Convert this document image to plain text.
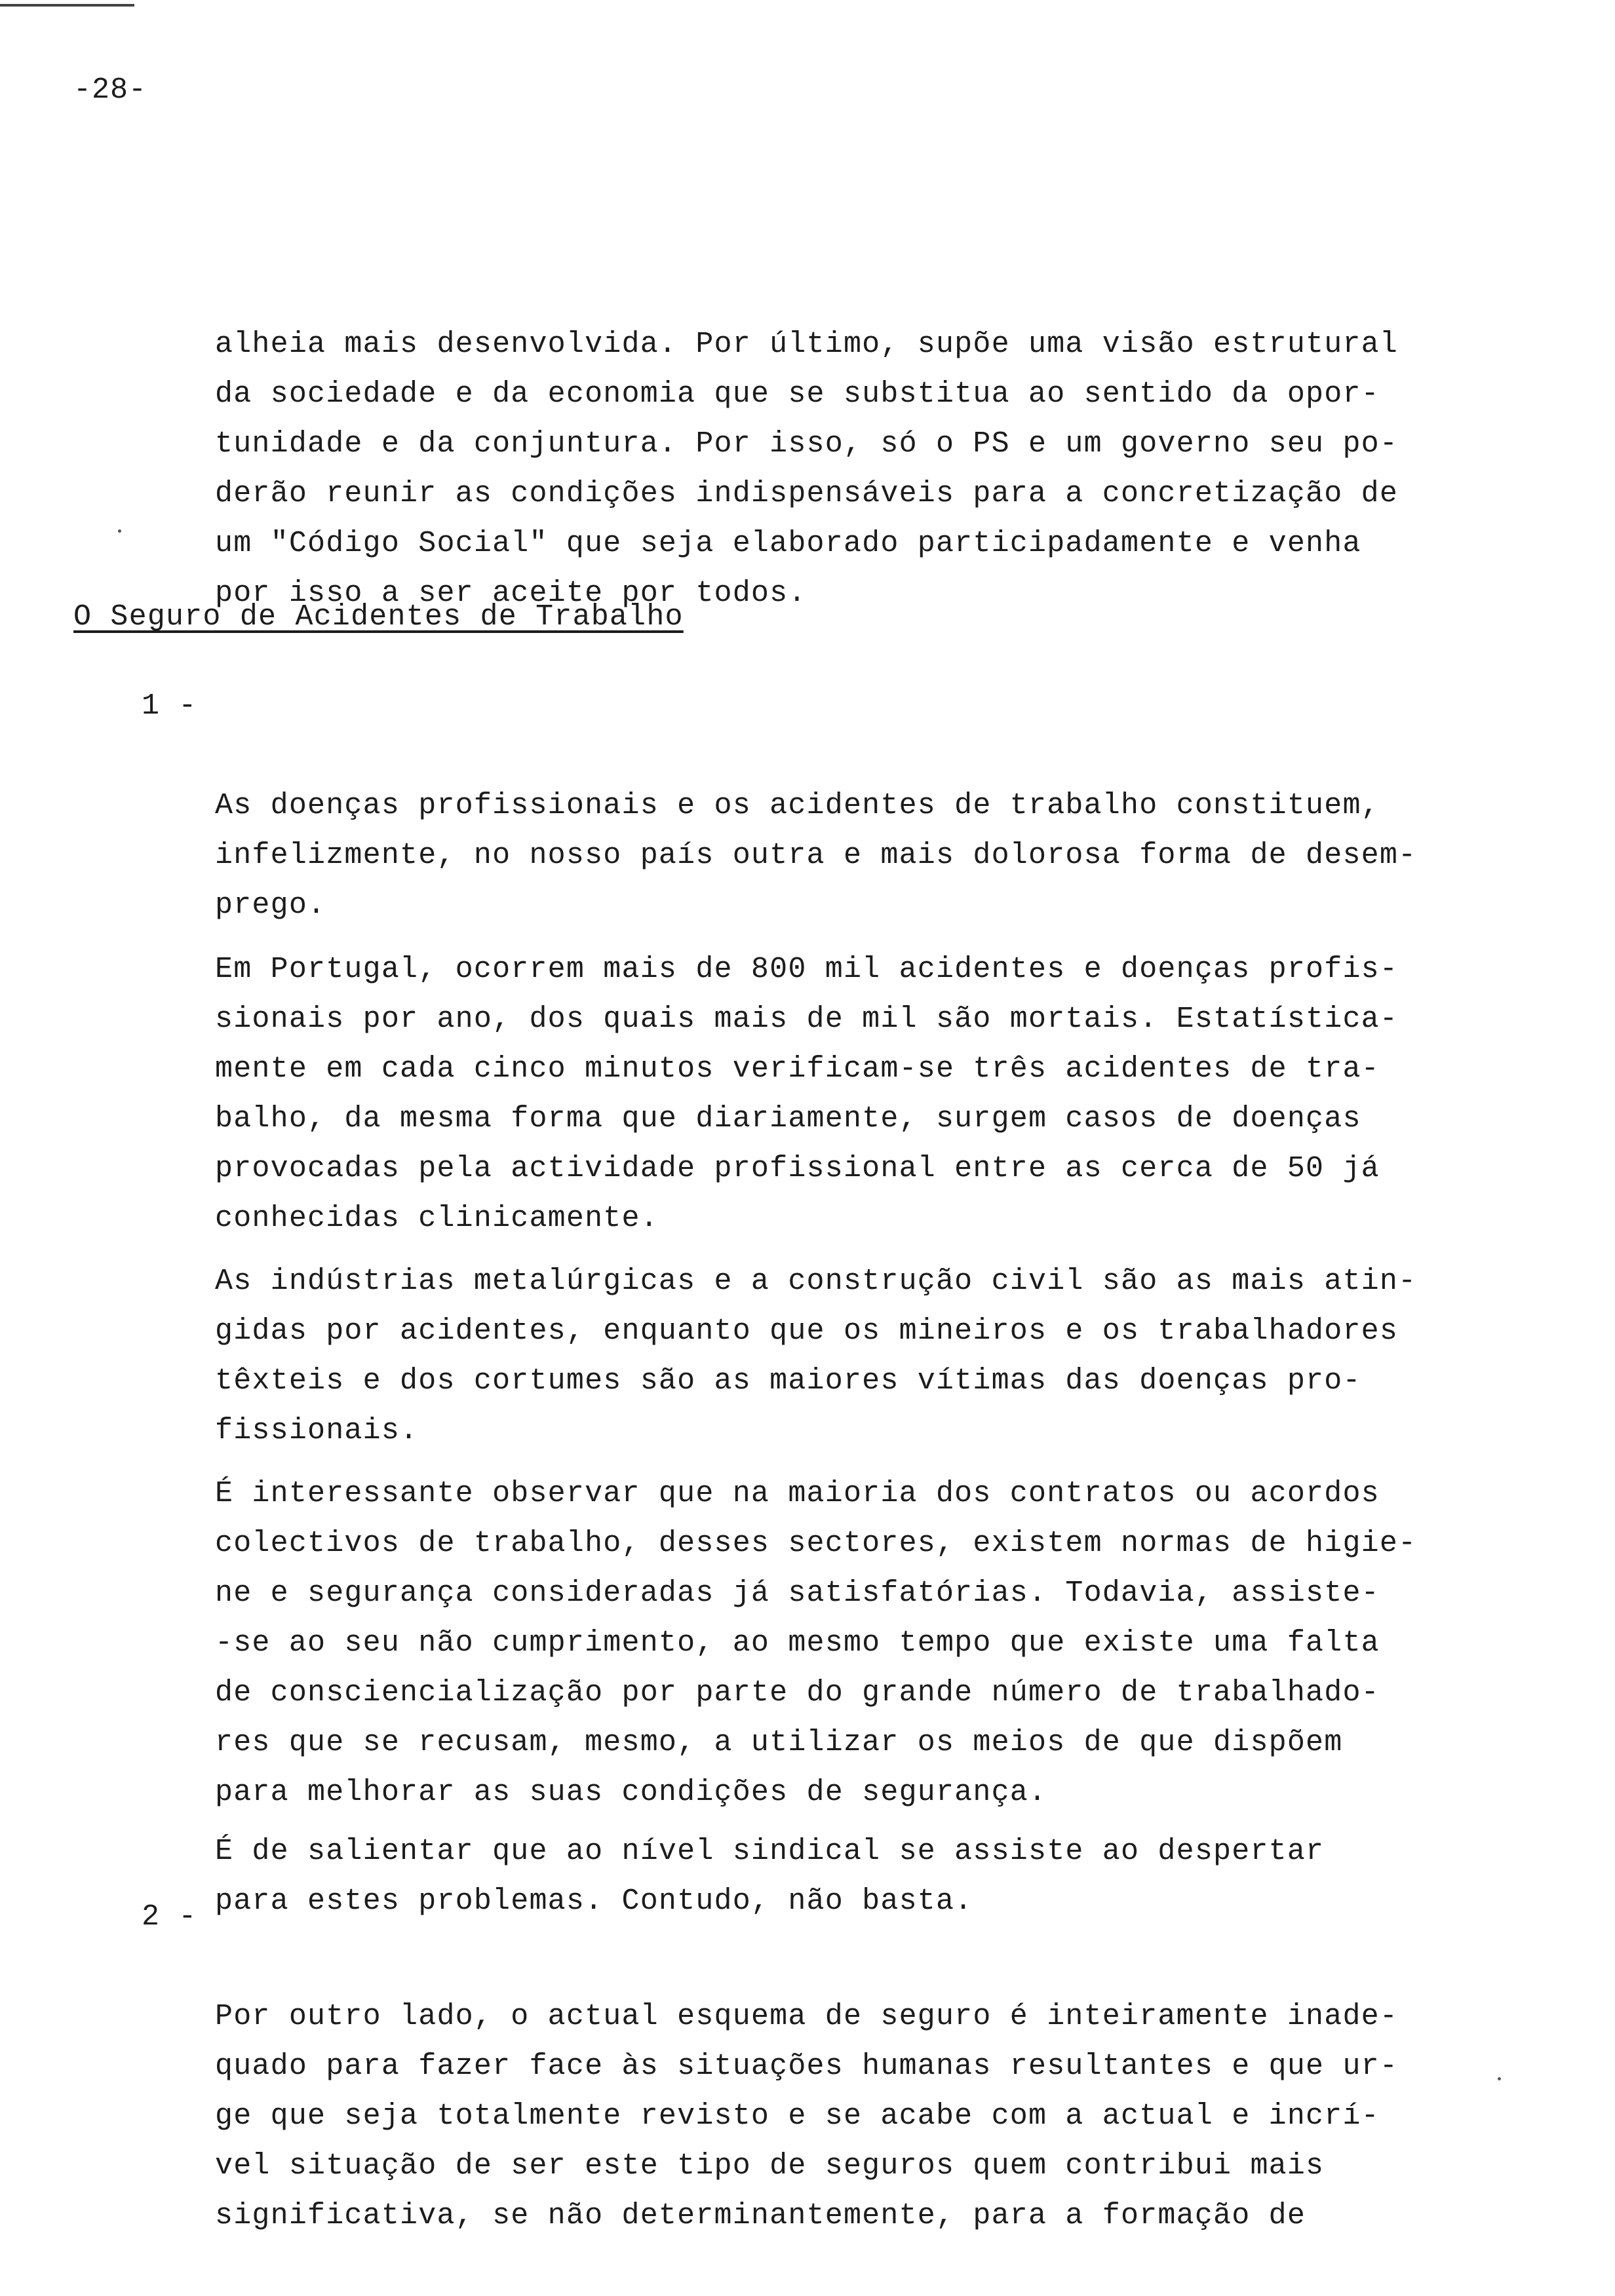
-28-

alheia mais desenvolvida. Por último, supõe uma visão estrutural
da sociedade e da economia que se substitua ao sentido da opor-
tunidade e da conjuntura. Por isso, só o PS e um governo seu po-
derão reunir as condições indispensáveis para a concretização de
um "Código Social" que seja elaborado participadamente e venha
por isso a ser aceite por todos.

O Seguro de Acidentes de Trabalho
1 -

As doenças profissionais e os acidentes de trabalho constituem,
infelizmente, no nosso país outra e mais dolorosa forma de desem-
prego.

Em Portugal, ocorrem mais de 800 mil acidentes e doenças profis-
sionais por ano, dos quais mais de mil são mortais. Estatística-
mente em cada cinco minutos verificam-se três acidentes de tra-
balho, da mesma forma que diariamente, surgem casos de doenças
provocadas pela actividade profissional entre as cerca de 50 já
conhecidas clinicamente.

As indústrias metalúrgicas e a construção civil são as mais atin-
gidas por acidentes, enquanto que os mineiros e os trabalhadores
têxteis e dos cortumes são as maiores vítimas das doenças pro-
fissionais.

É interessante observar que na maioria dos contratos ou acordos
colectivos de trabalho, desses sectores, existem normas de higie-
ne e segurança consideradas já satisfatórias. Todavia, assiste-
-se ao seu não cumprimento, ao mesmo tempo que existe uma falta
de consciencialização por parte do grande número de trabalhado-
res que se recusam, mesmo, a utilizar os meios de que dispõem
para melhorar as suas condições de segurança.

É de salientar que ao nível sindical se assiste ao despertar
para estes problemas. Contudo, não basta.

2 -

Por outro lado, o actual esquema de seguro é inteiramente inade-
quado para fazer face às situações humanas resultantes e que ur-
ge que seja totalmente revisto e se acabe com a actual e incrí-
vel situação de ser este tipo de seguros quem contribui mais
significativa, se não determinantemente, para a formação de
